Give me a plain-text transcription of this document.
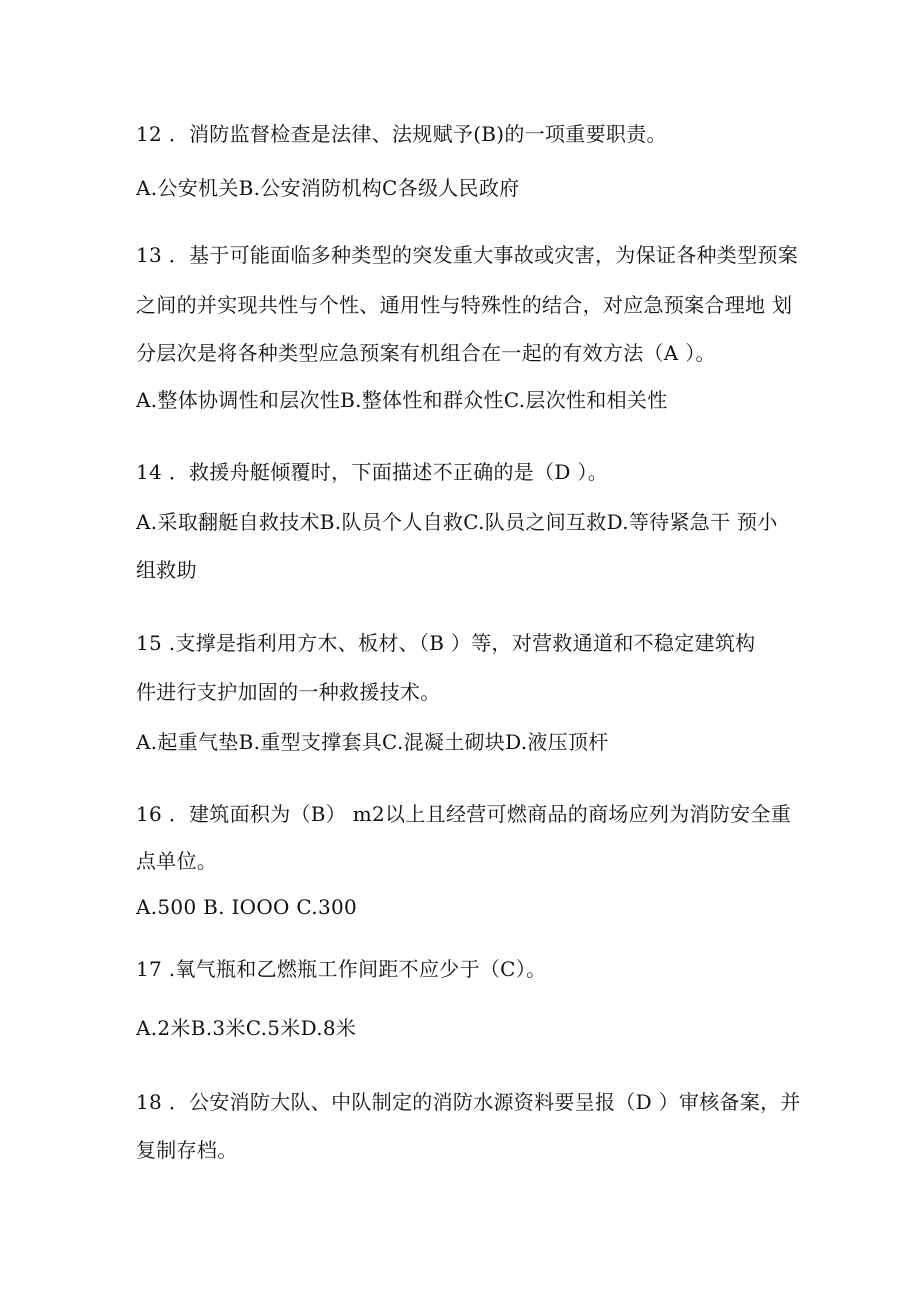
12 ．消防监督检查是法律、法规赋予(B)的一项重要职责。
A.公安机关B.公安消防机构C各级人民政府
13 ．基于可能面临多种类型的突发重大事故或灾害，为保证各种类型预案
之间的并实现共性与个性、通用性与特殊性的结合，对应急预案合理地 划
分层次是将各种类型应急预案有机组合在一起的有效方法（A ）。
A.整体协调性和层次性B.整体性和群众性C.层次性和相关性
14 ．救援舟艇倾覆时，下面描述不正确的是（D ）。
A.采取翻艇自救技术B.队员个人自救C.队员之间互救D.等待紧急干 预小
组救助
15 .支撑是指利用方木、板材、（B ）等，对营救通道和不稳定建筑构
件进行支护加固的一种救援技术。
A.起重气垫B.重型支撑套具C.混凝土砌块D.液压顶杆
16 ．建筑面积为（B） m2以上且经营可燃商品的商场应列为消防安全重
点单位。
A.500 B. IOOO C.300
17 .氧气瓶和乙燃瓶工作间距不应少于（C）。
A.2米B.3米C.5米D.8米
18 ．公安消防大队、中队制定的消防水源资料要呈报（D ）审核备案，并
复制存档。
